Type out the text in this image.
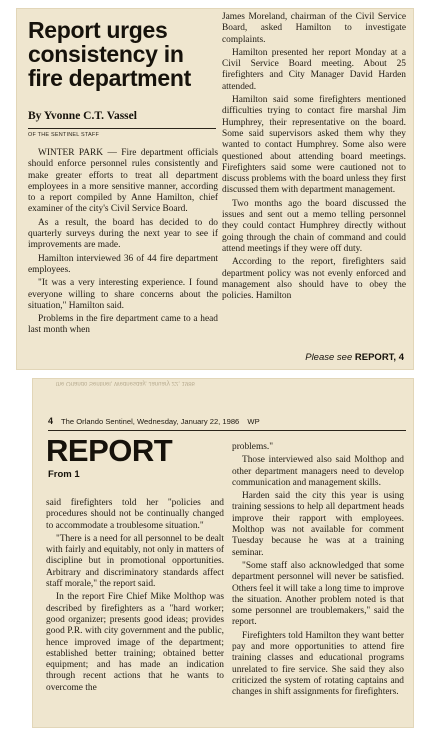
Report urges consistency in fire department
By Yvonne C.T. Vassel
OF THE SENTINEL STAFF

WINTER PARK — Fire department officials should enforce personnel rules consistently and make greater efforts to treat all department employees in a more sensitive manner, according to a report compiled by Anne Hamilton, chief examiner of the city's Civil Service Board.

As a result, the board has decided to do quarterly surveys during the next year to see if improvements are made.

Hamilton interviewed 36 of 44 fire department employees.

"It was a very interesting experience. I found everyone willing to share concerns about the situation," Hamilton said.

Problems in the fire department came to a head last month when

James Moreland, chairman of the Civil Service Board, asked Hamilton to investigate complaints.

Hamilton presented her report Monday at a Civil Service Board meeting. About 25 firefighters and City Manager David Harden attended.

Hamilton said some firefighters mentioned difficulties trying to contact fire marshal Jim Humphrey, their representative on the board. Some said supervisors asked them why they wanted to contact Humphrey. Some also were questioned about attending board meetings. Firefighters said some were cautioned not to discuss problems with the board unless they first discussed them with department management.

Two months ago the board discussed the issues and sent out a memo telling personnel they could contact Humphrey directly without going through the chain of command and could attend meetings if they were off duty.

According to the report, firefighters said department policy was not evenly enforced and management also should have to obey the policies. Hamilton

Please see REPORT, 4
the Orlando Sentinel, Wednesday, January 22, 1986
4 The Orlando Sentinel, Wednesday, January 22, 1986 WP
REPORT
From 1

said firefighters told her "policies and procedures should not be continually changed to accommodate a troublesome situation."

"There is a need for all personnel to be dealt with fairly and equitably, not only in matters of discipline but in promotional opportunities. Arbitrary and discriminatory standards affect staff morale," the report said.

In the report Fire Chief Mike Molthop was described by firefighters as a "hard worker; good organizer; presents good ideas; provides good P.R. with city government and the public, hence improved image of the department; established better training; obtained better equipment; and has made an indication through recent actions that he wants to overcome the

problems."

Those interviewed also said Molthop and other department managers need to develop communication and management skills.

Harden said the city this year is using training sessions to help all department heads improve their rapport with employees. Molthop was not available for comment Tuesday because he was at a training seminar.

"Some staff also acknowledged that some department personnel will never be satisfied. Others feel it will take a long time to improve the situation. Another problem noted is that some personnel are troublemakers," said the report.

Firefighters told Hamilton they want better pay and more opportunities to attend fire training classes and educational programs unrelated to fire service. She said they also criticized the system of rotating captains and changes in shift assignments for firefighters.
